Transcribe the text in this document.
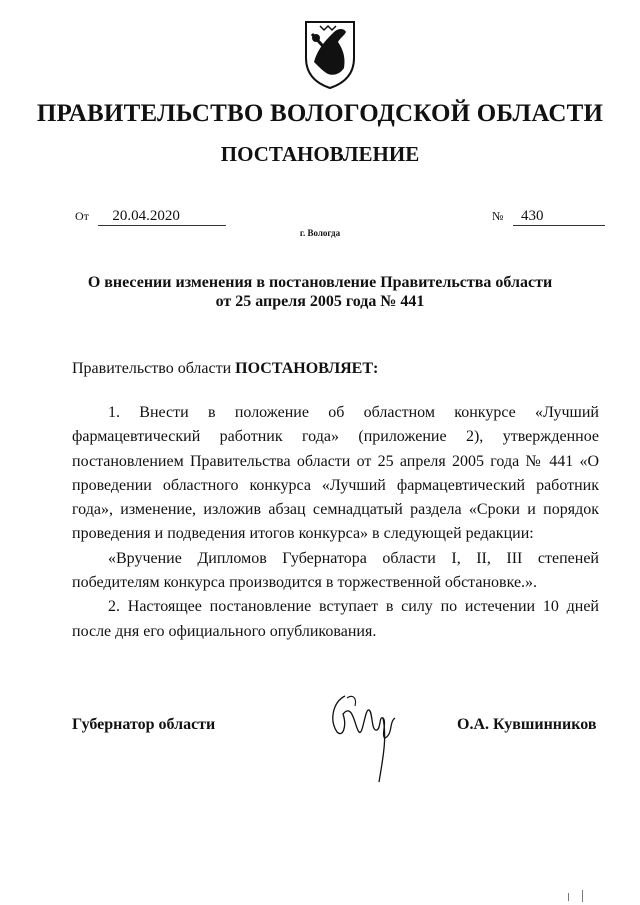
ПРАВИТЕЛЬСТВО ВОЛОГОДСКОЙ ОБЛАСТИ
ПОСТАНОВЛЕНИЕ
От 20.04.2020	№ 430
г. Вологда
О внесении изменения в постановление Правительства области
от 25 апреля 2005 года № 441
Правительство области ПОСТАНОВЛЯЕТ:

1. Внести в положение об областном конкурсе «Лучший фармацевтический работник года» (приложение 2), утвержденное постановлением Правительства области от 25 апреля 2005 года № 441 «О проведении областного конкурса «Лучший фармацевтический работник года», изменение, изложив абзац семнадцатый раздела «Сроки и порядок проведения и подведения итогов конкурса» в следующей редакции:

«Вручение Дипломов Губернатора области I, II, III степеней победителям конкурса производится в торжественной обстановке.».

2. Настоящее постановление вступает в силу по истечении 10 дней после дня его официального опубликования.

Губернатор области	О.А. Кувшинников
